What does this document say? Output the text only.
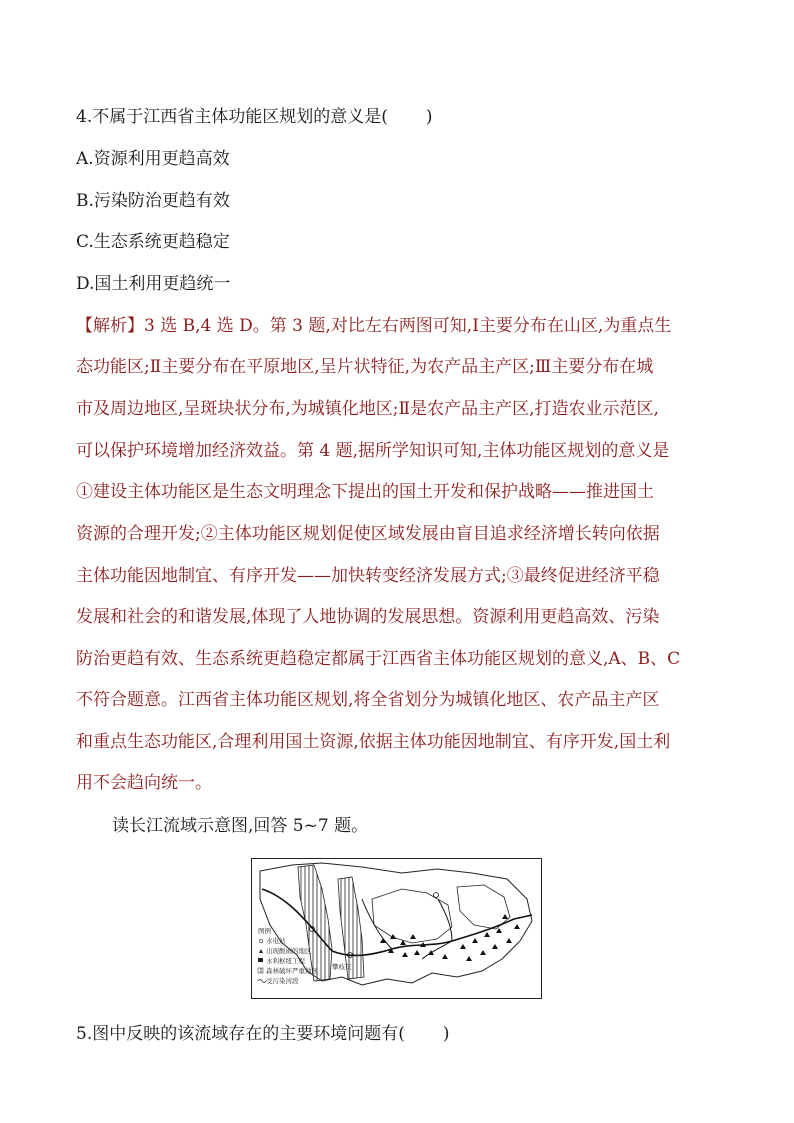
4.不属于江西省主体功能区规划的意义是( )
A.资源利用更趋高效
B.污染防治更趋有效
C.生态系统更趋稳定
D.国土利用更趋统一
【解析】3 选 B,4 选 D。第 3 题,对比左右两图可知,Ⅰ主要分布在山区,为重点生
态功能区;Ⅱ主要分布在平原地区,呈片状特征,为农产品主产区;Ⅲ主要分布在城
市及周边地区,呈斑块状分布,为城镇化地区;Ⅱ是农产品主产区,打造农业示范区,
可以保护环境增加经济效益。第 4 题,据所学知识可知,主体功能区规划的意义是
①建设主体功能区是生态文明理念下提出的国土开发和保护战略——推进国土
资源的合理开发;②主体功能区规划促使区域发展由盲目追求经济增长转向依据
主体功能因地制宜、有序开发——加快转变经济发展方式;③最终促进经济平稳
发展和社会的和谐发展,体现了人地协调的发展思想。资源利用更趋高效、污染
防治更趋有效、生态系统更趋稳定都属于江西省主体功能区规划的意义,A、B、C
不符合题意。江西省主体功能区规划,将全省划分为城镇化地区、农产品主产区
和重点生态功能区,合理利用国土资源,依据主体功能因地制宜、有序开发,国土利
用不会趋向统一。
读长江流域示意图,回答 5~7 题。
图例
水电站
出现酸雨的地区
水利枢纽工程
森林破坏严重地区
受污染河段
攀枝花
5.图中反映的该流域存在的主要环境问题有( )
